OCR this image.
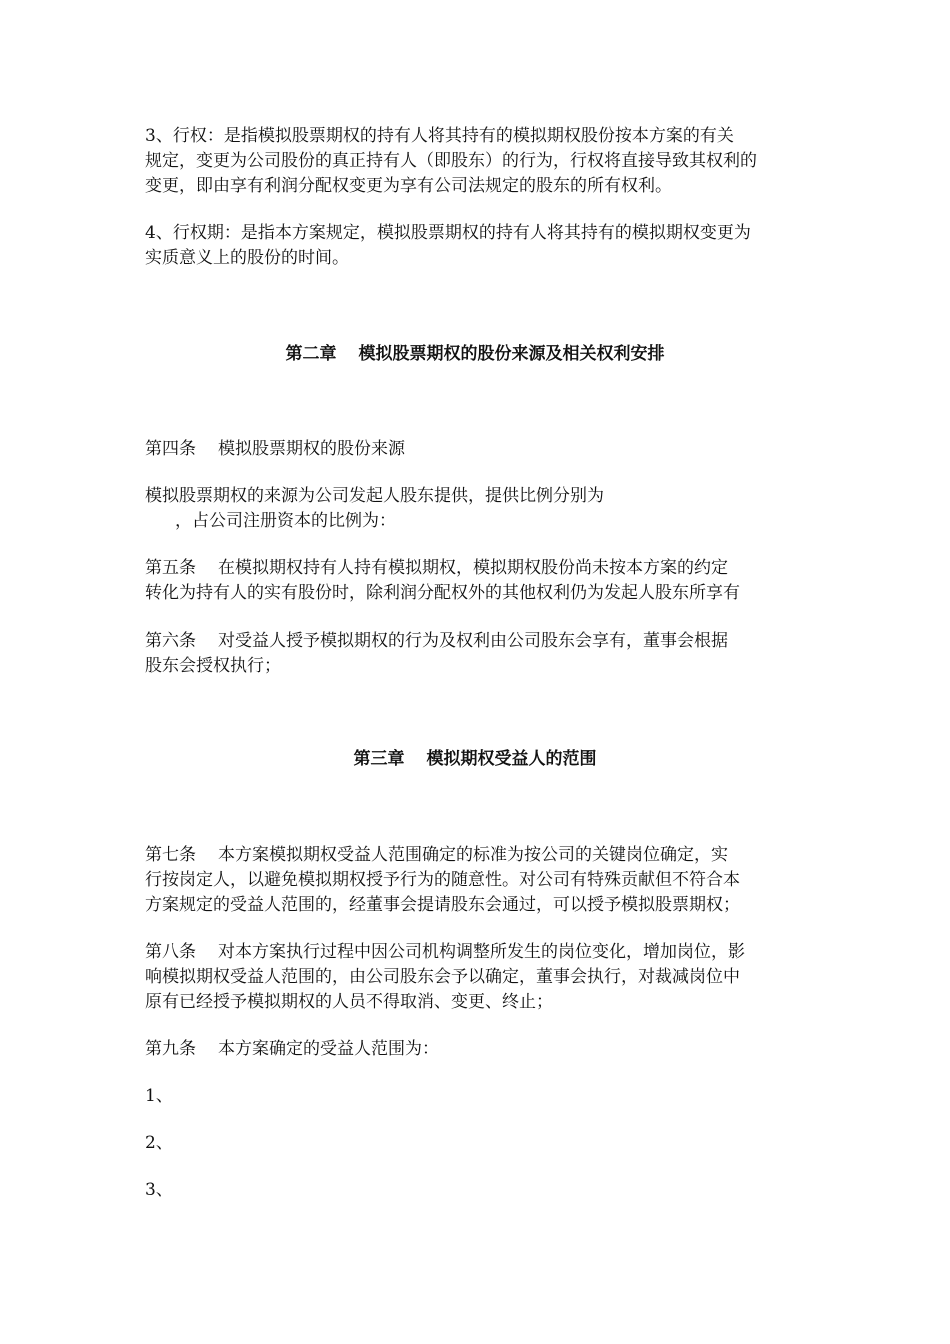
3、行权：是指模拟股票期权的持有人将其持有的模拟期权股份按本方案的有关
规定，变更为公司股份的真正持有人（即股东）的行为，行权将直接导致其权利的
变更，即由享有利润分配权变更为享有公司法规定的股东的所有权利。
4、行权期：是指本方案规定，模拟股票期权的持有人将其持有的模拟期权变更为
实质意义上的股份的时间。
第二章 模拟股票期权的股份来源及相关权利安排
第四条 模拟股票期权的股份来源
模拟股票期权的来源为公司发起人股东提供，提供比例分别为
，占公司注册资本的比例为：
第五条 在模拟期权持有人持有模拟期权，模拟期权股份尚未按本方案的约定
转化为持有人的实有股份时，除利润分配权外的其他权利仍为发起人股东所享有
第六条 对受益人授予模拟期权的行为及权利由公司股东会享有，董事会根据
股东会授权执行；
第三章 模拟期权受益人的范围
第七条 本方案模拟期权受益人范围确定的标准为按公司的关键岗位确定，实
行按岗定人，以避免模拟期权授予行为的随意性。对公司有特殊贡献但不符合本
方案规定的受益人范围的，经董事会提请股东会通过，可以授予模拟股票期权；
第八条 对本方案执行过程中因公司机构调整所发生的岗位变化，增加岗位，影
响模拟期权受益人范围的，由公司股东会予以确定，董事会执行，对裁减岗位中
原有已经授予模拟期权的人员不得取消、变更、终止；
第九条 本方案确定的受益人范围为：
1、
2、
3、
